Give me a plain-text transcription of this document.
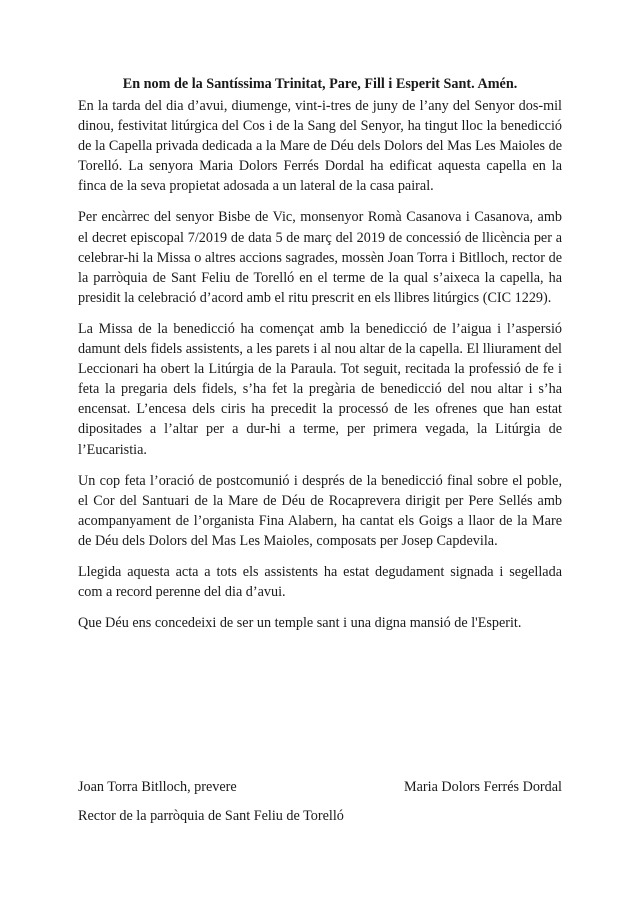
En nom de la Santíssima Trinitat, Pare, Fill i Esperit Sant. Amén.

En la tarda del dia d’avui, diumenge, vint-i-tres de juny de l’any del Senyor dos-mil dinou, festivitat litúrgica del Cos i de la Sang del Senyor, ha tingut lloc la benedicció de la Capella privada dedicada a la Mare de Déu dels Dolors del Mas Les Maioles de Torelló. La senyora Maria Dolors Ferrés Dordal ha edificat aquesta capella en la finca de la seva propietat adosada a un lateral de la casa pairal.

Per encàrrec del senyor Bisbe de Vic, monsenyor Romà Casanova i Casanova, amb el decret episcopal 7/2019 de data 5 de març del 2019 de concessió de llicència per a celebrar-hi la Missa o altres accions sagrades, mossèn Joan Torra i Bitlloch, rector de la parròquia de Sant Feliu de Torelló en el terme de la qual s’aixeca la capella, ha presidit la celebració d’acord amb el ritu prescrit en els llibres litúrgics (CIC 1229).

La Missa de la benedicció ha començat amb la benedicció de l’aigua i l’aspersió damunt dels fidels assistents, a les parets i al nou altar de la capella. El lliurament del Leccionari ha obert la Litúrgia de la Paraula. Tot seguit, recitada la professió de fe i feta la pregaria dels fidels, s’ha fet la pregària de benedicció del nou altar i s’ha encensat. L’encesa dels ciris ha precedit la processó de les ofrenes que han estat dipositades a l’altar per a dur-hi a terme, per primera vegada, la Litúrgia de l’Eucaristia.

Un cop feta l’oració de postcomunió i després de la benedicció final sobre el poble, el Cor del Santuari de la Mare de Déu de Rocaprevera dirigit per Pere Sellés amb acompanyament de l’organista Fina Alabern, ha cantat els Goigs a llaor de la Mare de Déu dels Dolors del Mas Les Maioles, composats per Josep Capdevila.

Llegida aquesta acta a tots els assistents ha estat degudament signada i segellada com a record perenne del dia d’avui.

Que Déu ens concedeixi de ser un temple sant i una digna mansió de l'Esperit.

Joan Torra Bitlloch, prevere	Maria Dolors Ferrés Dordal
Rector de la parròquia de Sant Feliu de Torelló
